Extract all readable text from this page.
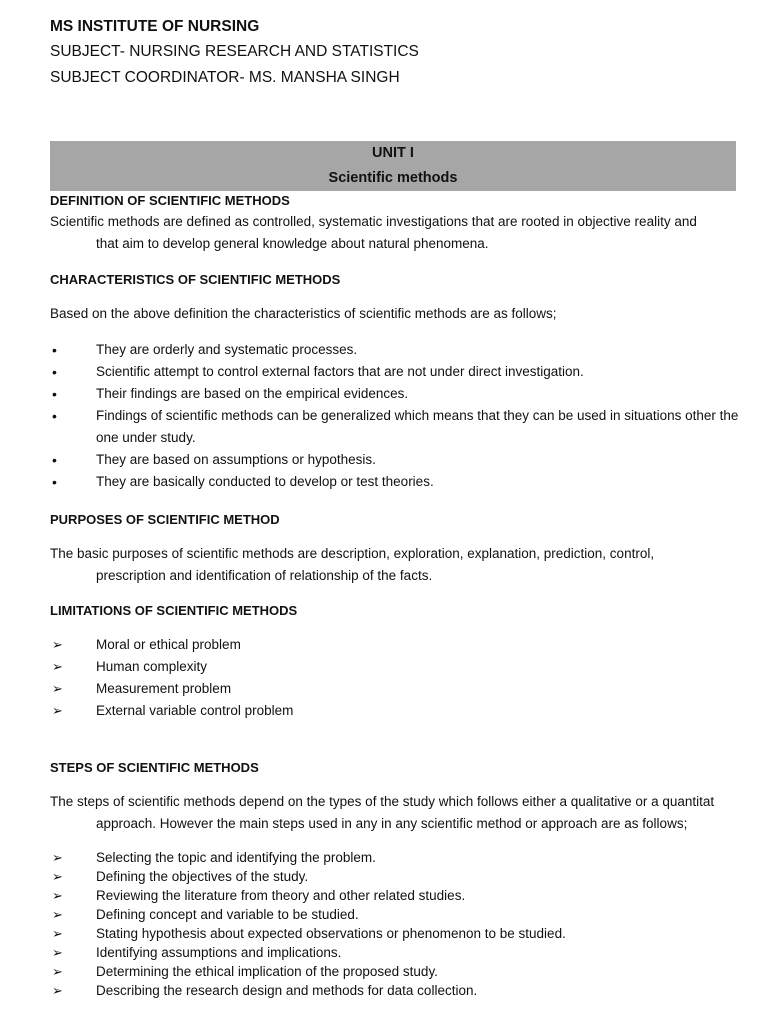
MS INSTITUTE OF NURSING
SUBJECT- NURSING RESEARCH AND STATISTICS
SUBJECT COORDINATOR- MS. MANSHA SINGH
UNIT I
Scientific methods
DEFINITION OF SCIENTIFIC METHODS
Scientific methods are defined as controlled, systematic investigations that are rooted in objective reality and
that aim to develop general knowledge about natural phenomena.
CHARACTERISTICS OF SCIENTIFIC METHODS
Based on the above definition the characteristics of scientific methods are as follows;
•	They are orderly and systematic processes.
•	Scientific attempt to control external factors that are not under direct investigation.
•	Their findings are based on the empirical evidences.
•	Findings of scientific methods can be generalized which means that they can be used in situations other the one under study.
•	They are based on assumptions or hypothesis.
•	They are basically conducted to develop or test theories.
PURPOSES OF SCIENTIFIC METHOD
The basic purposes of scientific methods are description, exploration, explanation, prediction, control,
prescription and identification of relationship of the facts.
LIMITATIONS OF SCIENTIFIC METHODS
➢ Moral or ethical problem
➢ Human complexity
➢ Measurement problem
➢ External variable control problem
STEPS OF SCIENTIFIC METHODS
The steps of scientific methods depend on the types of the study which follows either a qualitative or a quantitat
approach. However the main steps used in any in any scientific method or approach are as follows;
➢ Selecting the topic and identifying the problem.
➢ Defining the objectives of the study.
➢ Reviewing the literature from theory and other related studies.
➢ Defining concept and variable to be studied.
➢ Stating hypothesis about expected observations or phenomenon to be studied.
➢ Identifying assumptions and implications.
➢ Determining the ethical implication of the proposed study.
➢ Describing the research design and methods for data collection.
